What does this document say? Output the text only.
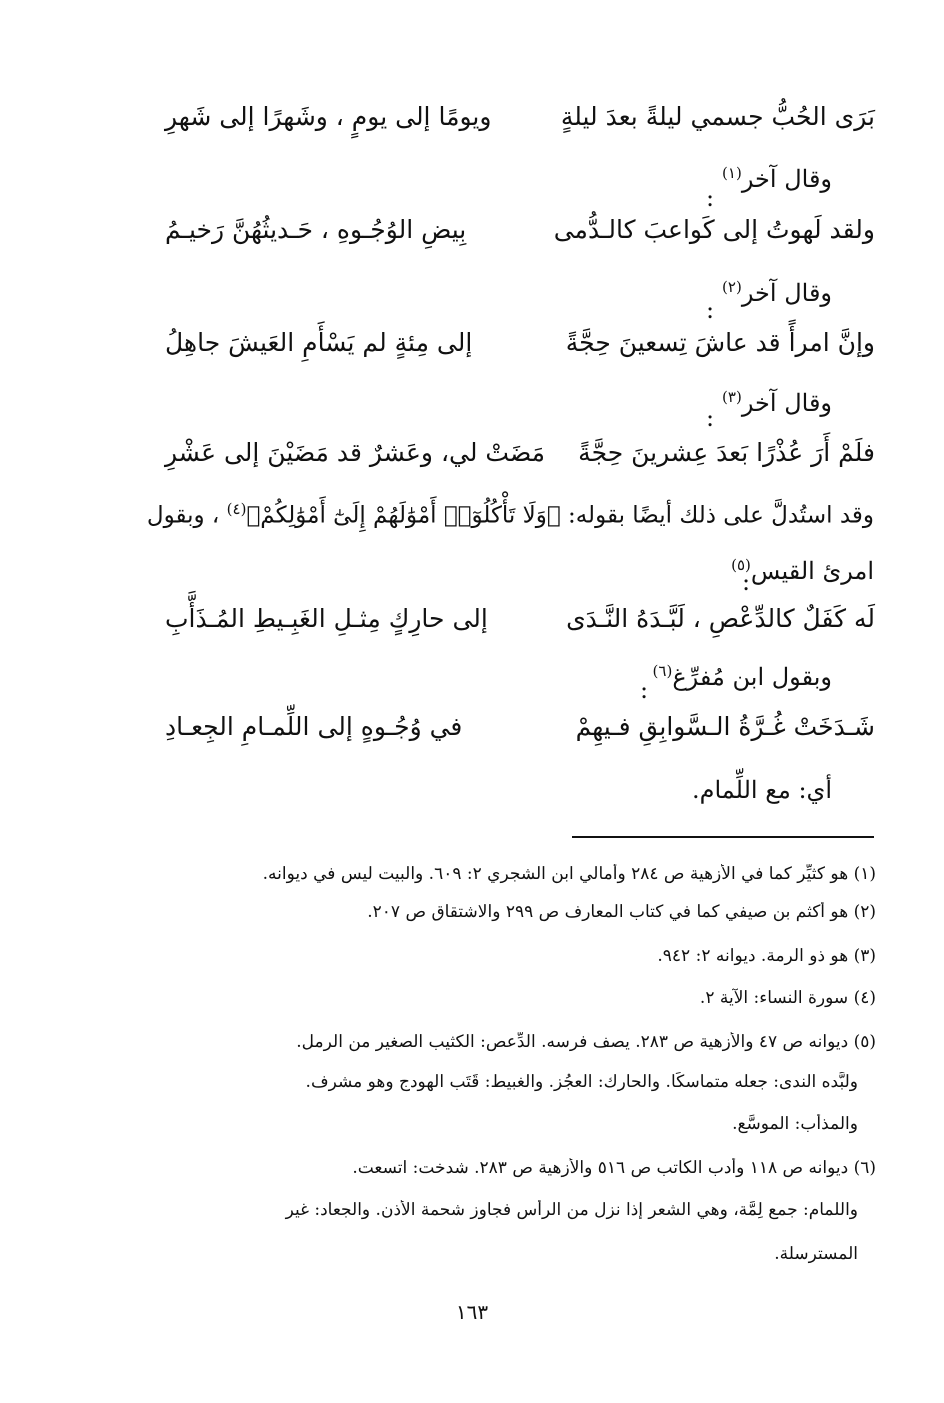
بَرَى الحُبُّ جسمي ليلةً بعدَ ليلةٍ
ويومًا إلى يومٍ ، وشَهرًا إلى شَهرِ
وقال آخر$^{(١)}$
:
ولقد لَهوتُ إلى كَواعبَ كالـدُّمى
بِيضِ الوُجُـوهِ ، حَـديثُهُنَّ رَخيـمُ
وقال آخر$^{(٢)}$
:
وإنَّ امرأً قد عاشَ تِسعينَ حِجَّةً
إلى مِئةٍ لم يَسْأَمِ العَيشَ جاهِلُ
وقال آخر$^{(٣)}$
:
فلَمْ أَرَ عُذْرًا بَعدَ عِشرينَ حِجَّةً
مَضَتْ لي، وعَشرٌ قد مَضَيْنَ إلى عَشْرِ
وقد استُدلَّ على ذلك أيضًا بقوله: ﴿وَلَا تَأْكُلُوٓا۟ أَمْوَٰلَهُمْ إِلَىٰٓ أَمْوَٰلِكُمْ﴾$^{(٤)}$ ، وبقول
امرئ القيس$^{(٥)}$
:
لَه كَفَلٌ كالدِّعْصِ ، لَبَّـدَهُ النَّـدَى
إلى حارِكٍ مِثـلِ الغَبِـيطِ المُـذَأَّبِ
وبقول ابن مُفرِّغ$^{(٦)}$
:
شَـدَخَتْ غُـرَّةُ الـسَّوابِقِ فـيهِمْ
في وُجُـوهٍ إلى اللِّمـامِ الجِعـادِ
أي: مع اللِّمام.
(١) هو كثيِّر كما في الأزهية ص ٢٨٤ وأمالي ابن الشجري ٢: ٦٠٩. والبيت ليس في ديوانه.
(٢) هو أكثم بن صيفي كما في كتاب المعارف ص ٢٩٩ والاشتقاق ص ٢٠٧.
(٣) هو ذو الرمة. ديوانه ٢: ٩٤٢.
(٤) سورة النساء: الآية ٢.
(٥) ديوانه ص ٤٧ والأزهية ص ٢٨٣. يصف فرسه. الدِّعص: الكثيب الصغير من الرمل.
ولبَّده الندى: جعله متماسكًا. والحارك: العجُز. والغبيط: قَتَب الهودج وهو مشرف.
والمذأَّب: الموسَّع.
(٦) ديوانه ص ١١٨ وأدب الكاتب ص ٥١٦ والأزهية ص ٢٨٣. شدخت: اتسعت.
واللمام: جمع لِمَّة، وهي الشعر إذا نزل من الرأس فجاوز شحمة الأذن. والجعاد: غير
المسترسلة.
١٦٣
